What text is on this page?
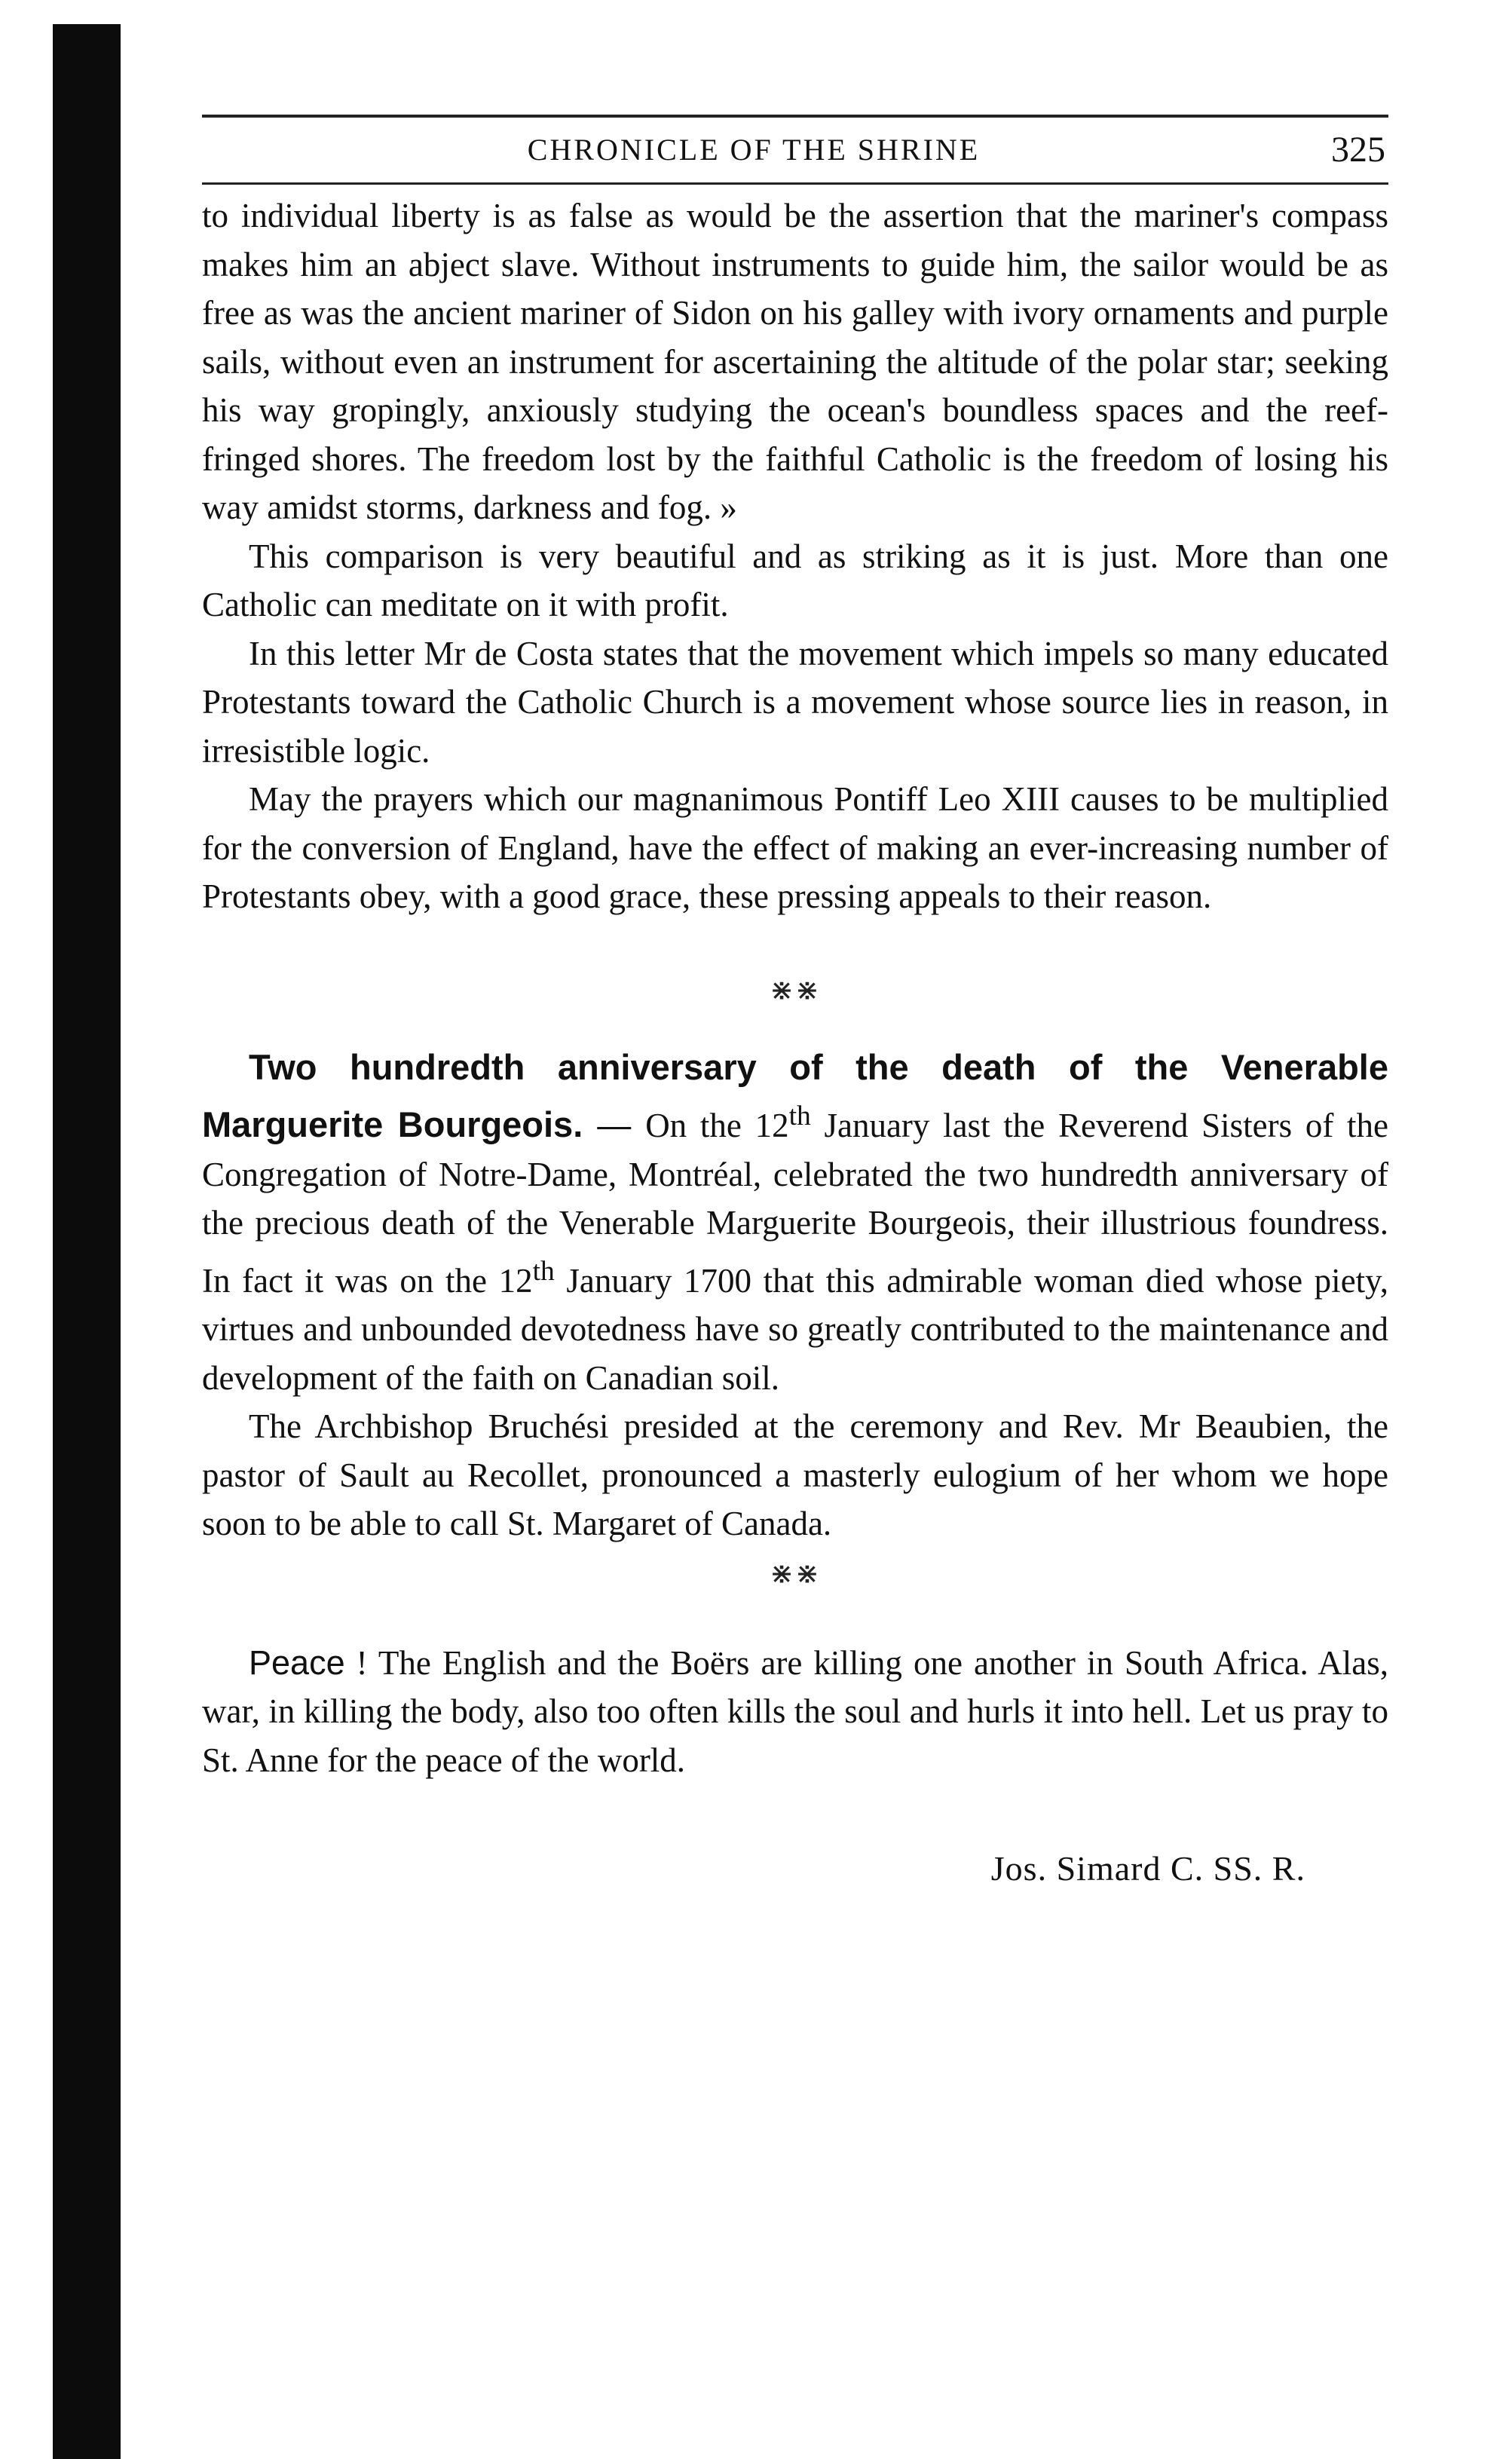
CHRONICLE OF THE SHRINE	325

to individual liberty is as false as would be the assertion that the mariner's compass makes him an abject slave. Without instruments to guide him, the sailor would be as free as was the ancient mariner of Sidon on his galley with ivory ornaments and purple sails, without even an instrument for ascertaining the altitude of the polar star; seeking his way gropingly, anxiously studying the ocean's boundless spaces and the reef-fringed shores. The freedom lost by the faithful Catholic is the freedom of losing his way amidst storms, darkness and fog. »

This comparison is very beautiful and as striking as it is just. More than one Catholic can meditate on it with profit.

In this letter Mr de Costa states that the movement which impels so many educated Protestants toward the Catholic Church is a movement whose source lies in reason, in irresistible logic.

May the prayers which our magnanimous Pontiff Leo XIII causes to be multiplied for the conversion of England, have the effect of making an ever-increasing number of Protestants obey, with a good grace, these pressing appeals to their reason.

⋇⋇

Two hundredth anniversary of the death of the Venerable Marguerite Bourgeois. — On the 12th January last the Reverend Sisters of the Congregation of Notre-Dame, Montréal, celebrated the two hundredth anniversary of the precious death of the Venerable Marguerite Bourgeois, their illustrious foundress. In fact it was on the 12th January 1700 that this admirable woman died whose piety, virtues and unbounded devotedness have so greatly contributed to the maintenance and development of the faith on Canadian soil.

The Archbishop Bruchési presided at the ceremony and Rev. Mr Beaubien, the pastor of Sault au Recollet, pronounced a masterly eulogium of her whom we hope soon to be able to call St. Margaret of Canada.

⋇⋇

Peace ! The English and the Boërs are killing one another in South Africa. Alas, war, in killing the body, also too often kills the soul and hurls it into hell. Let us pray to St. Anne for the peace of the world.

Jos. Simard C. SS. R.
